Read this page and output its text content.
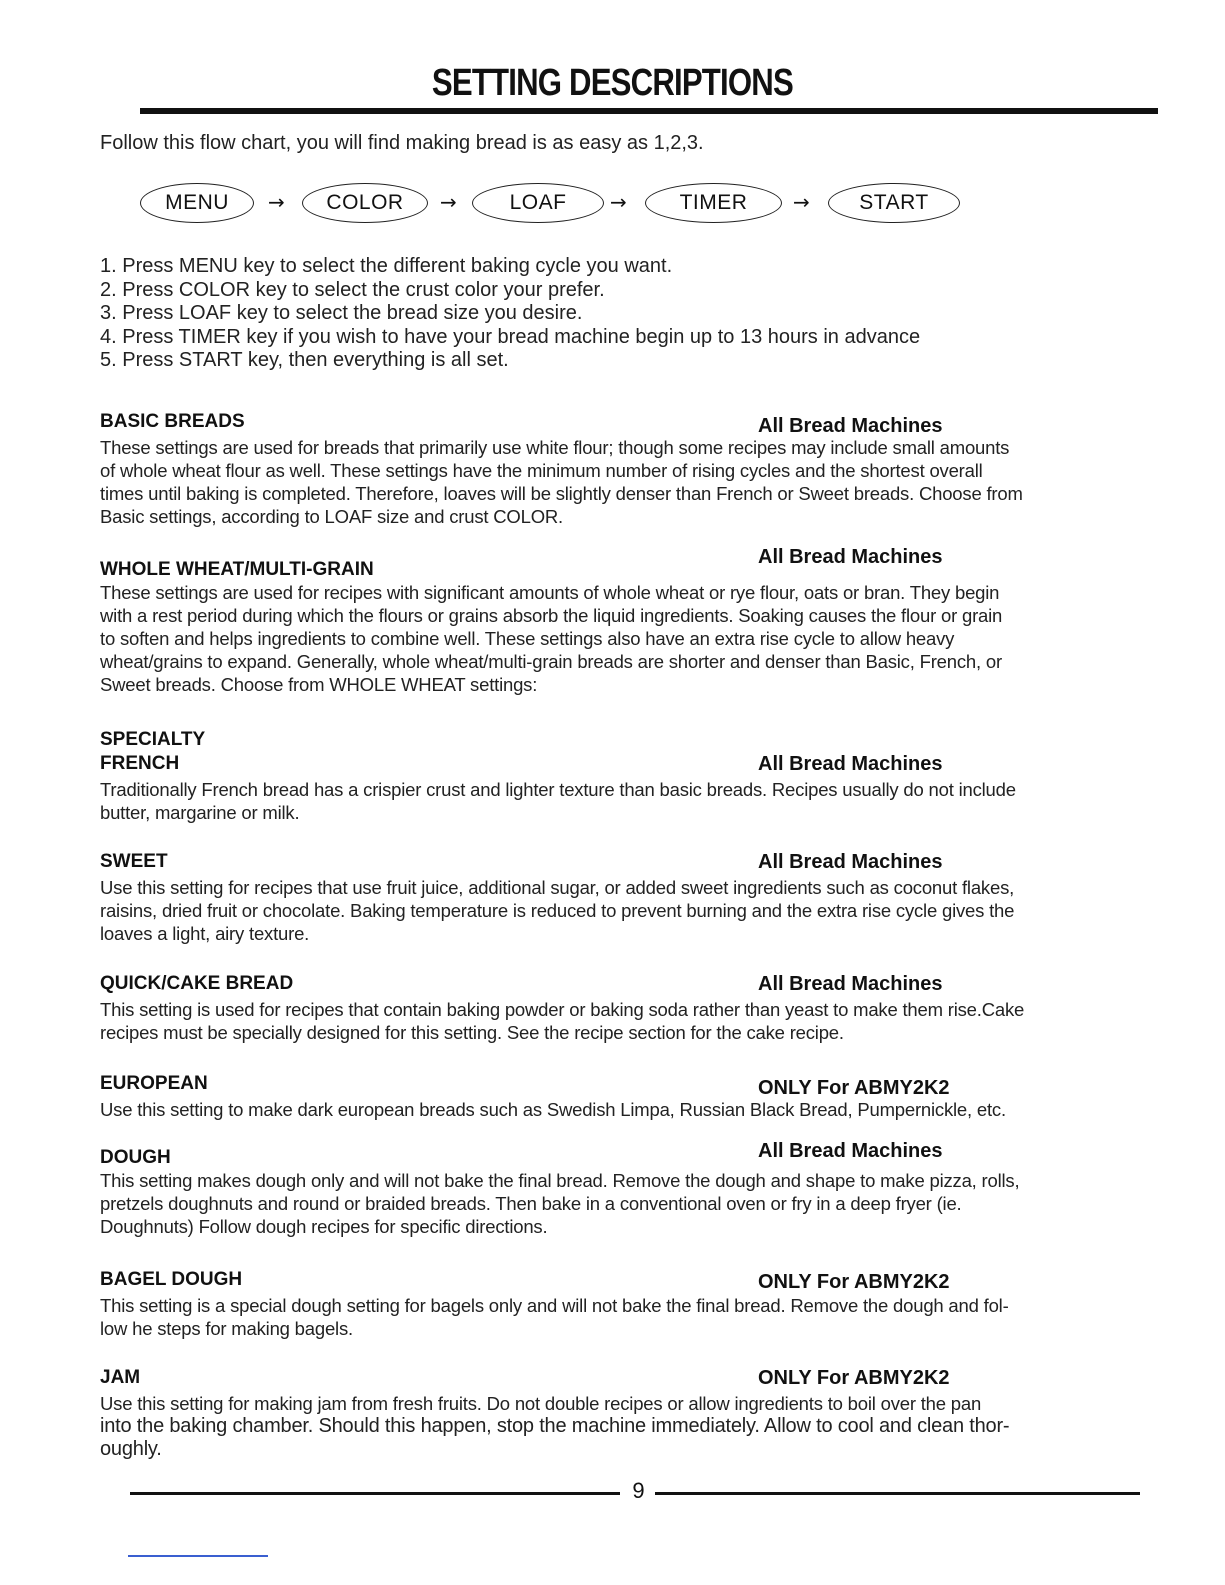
SETTING DESCRIPTIONS
Follow this flow chart, you will find making bread is as easy as 1,2,3.
MENU	→	COLOR	→	LOAF	→	TIMER	→	START
1. Press MENU key to select the different baking cycle you want.
2. Press COLOR key to select the crust color your prefer.
3. Press LOAF key to select the bread size you desire.
4. Press TIMER key if you wish to have your bread machine begin up to 13 hours in advance
5. Press START key, then everything is all set.
BASIC BREADS	All Bread Machines
These settings are used for breads that primarily use white flour; though some recipes may include small amounts
of whole wheat flour as well. These settings have the minimum number of rising cycles and the shortest overall
times until baking is completed. Therefore, loaves will be slightly denser than French or Sweet breads. Choose from
Basic settings, according to LOAF size and crust COLOR.
WHOLE WHEAT/MULTI-GRAIN
All Bread Machines
These settings are used for recipes with significant amounts of whole wheat or rye flour, oats or bran. They begin
with a rest period during which the flours or grains absorb the liquid ingredients. Soaking causes the flour or grain
to soften and helps ingredients to combine well. These settings also have an extra rise cycle to allow heavy
wheat/grains to expand. Generally, whole wheat/multi-grain breads are shorter and denser than Basic, French, or
Sweet breads. Choose from WHOLE WHEAT settings:
SPECIALTY
FRENCH	All Bread Machines
Traditionally French bread has a crispier crust and lighter texture than basic breads. Recipes usually do not include
butter, margarine or milk.
SWEET	All Bread Machines
Use this setting for recipes that use fruit juice, additional sugar, or added sweet ingredients such as coconut flakes,
raisins, dried fruit or chocolate. Baking temperature is reduced to prevent burning and the extra rise cycle gives the
loaves a light, airy texture.
QUICK/CAKE BREAD	All Bread Machines
This setting is used for recipes that contain baking powder or baking soda rather than yeast to make them rise.Cake
recipes must be specially designed for this setting. See the recipe section for the cake recipe.
EUROPEAN	ONLY For ABMY2K2
Use this setting to make dark european breads such as Swedish Limpa, Russian Black Bread, Pumpernickle, etc.
DOUGH	All Bread Machines
This setting makes dough only and will not bake the final bread. Remove the dough and shape to make pizza, rolls,
pretzels doughnuts and round or braided breads. Then bake in a conventional oven or fry in a deep fryer (ie.
Doughnuts) Follow dough recipes for specific directions.
BAGEL DOUGH	ONLY For ABMY2K2
This setting is a special dough setting for bagels only and will not bake the final bread. Remove the dough and fol-
low he steps for making bagels.
JAM	ONLY For ABMY2K2
Use this setting for making jam from fresh fruits. Do not double recipes or allow ingredients to boil over the pan
into the baking chamber. Should this happen, stop the machine immediately. Allow to cool and clean thor-
oughly.
9
